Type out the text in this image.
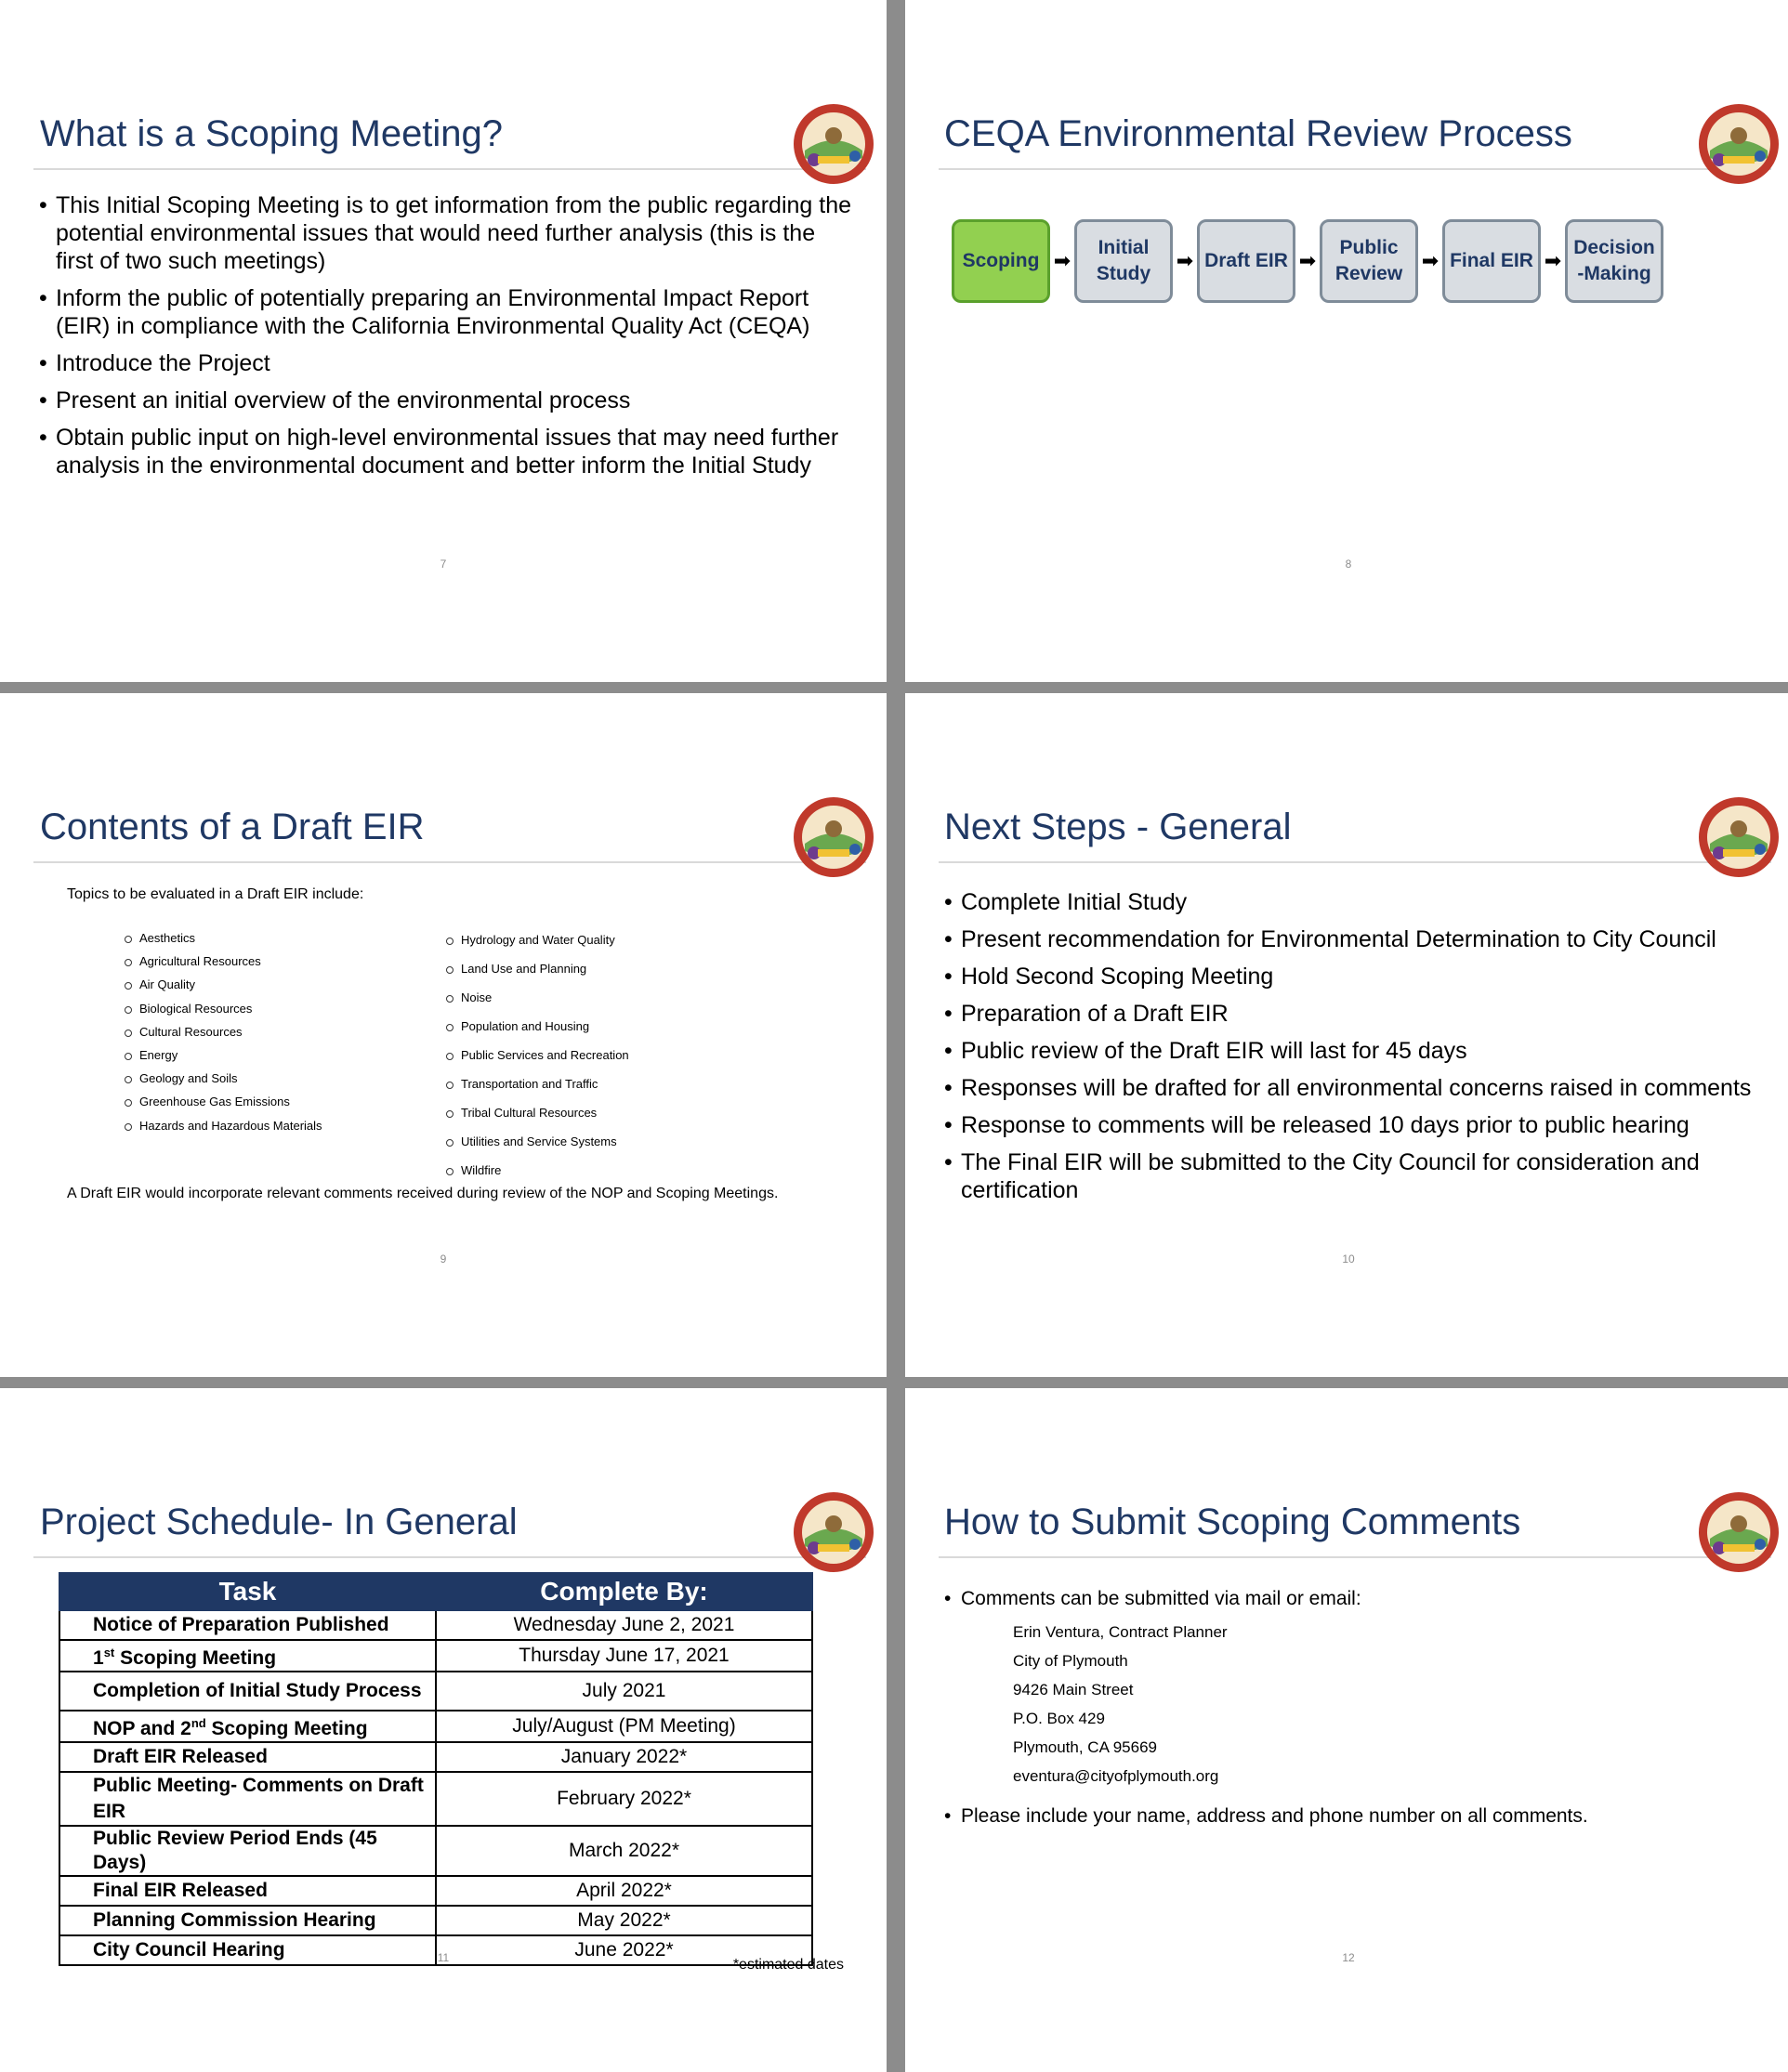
What is a Scoping Meeting?
• This Initial Scoping Meeting is to get information from the public regarding the potential environmental issues that would need further analysis (this is the first of two such meetings)
• Inform the public of potentially preparing an Environmental Impact Report (EIR) in compliance with the California Environmental Quality Act (CEQA)
• Introduce the Project
• Present an initial overview of the environmental process
• Obtain public input on high-level environmental issues that may need further analysis in the environmental document and better inform the Initial Study
7
CEQA Environmental Review Process
Scoping ➡
Initial Study
➡ Draft EIR ➡
Public Review
➡ Final EIR ➡
Decision -Making
8
Contents of a Draft EIR
Topics to be evaluated in a Draft EIR include:
Aesthetics
Agricultural Resources
Air Quality
Biological Resources
Cultural Resources
Energy
Geology and Soils
Greenhouse Gas Emissions
Hazards and Hazardous Materials
Hydrology and Water Quality
Land Use and Planning
Noise
Population and Housing
Public Services and Recreation
Transportation and Traffic
Tribal Cultural Resources
Utilities and Service Systems
Wildfire
A Draft EIR would incorporate relevant comments received during review of the NOP and Scoping Meetings.
9
Next Steps - General
• Complete Initial Study
• Present recommendation for Environmental Determination to City Council
• Hold Second Scoping Meeting
• Preparation of a Draft EIR
• Public review of the Draft EIR will last for 45 days
• Responses will be drafted for all environmental concerns raised in comments
• Response to comments will be released 10 days prior to public hearing
• The Final EIR will be submitted to the City Council for consideration and certification
10
Project Schedule- In General
Task	Complete By:
Notice of Preparation Published	Wednesday June 2, 2021
1st Scoping Meeting	Thursday June 17, 2021
Completion of Initial Study Process	July 2021
NOP and 2nd Scoping Meeting	July/August (PM Meeting)
Draft EIR Released	January 2022*
Public Meeting- Comments on Draft EIR	February 2022*
Public Review Period Ends (45 Days)	March 2022*
Final EIR Released	April 2022*
Planning Commission Hearing	May 2022*
City Council Hearing	June 2022*
11	*estimated dates
How to Submit Scoping Comments
• Comments can be submitted via mail or email:
Erin Ventura, Contract Planner
City of Plymouth
9426 Main Street
P.O. Box 429
Plymouth, CA 95669
eventura@cityofplymouth.org
• Please include your name, address and phone number on all comments.
12
